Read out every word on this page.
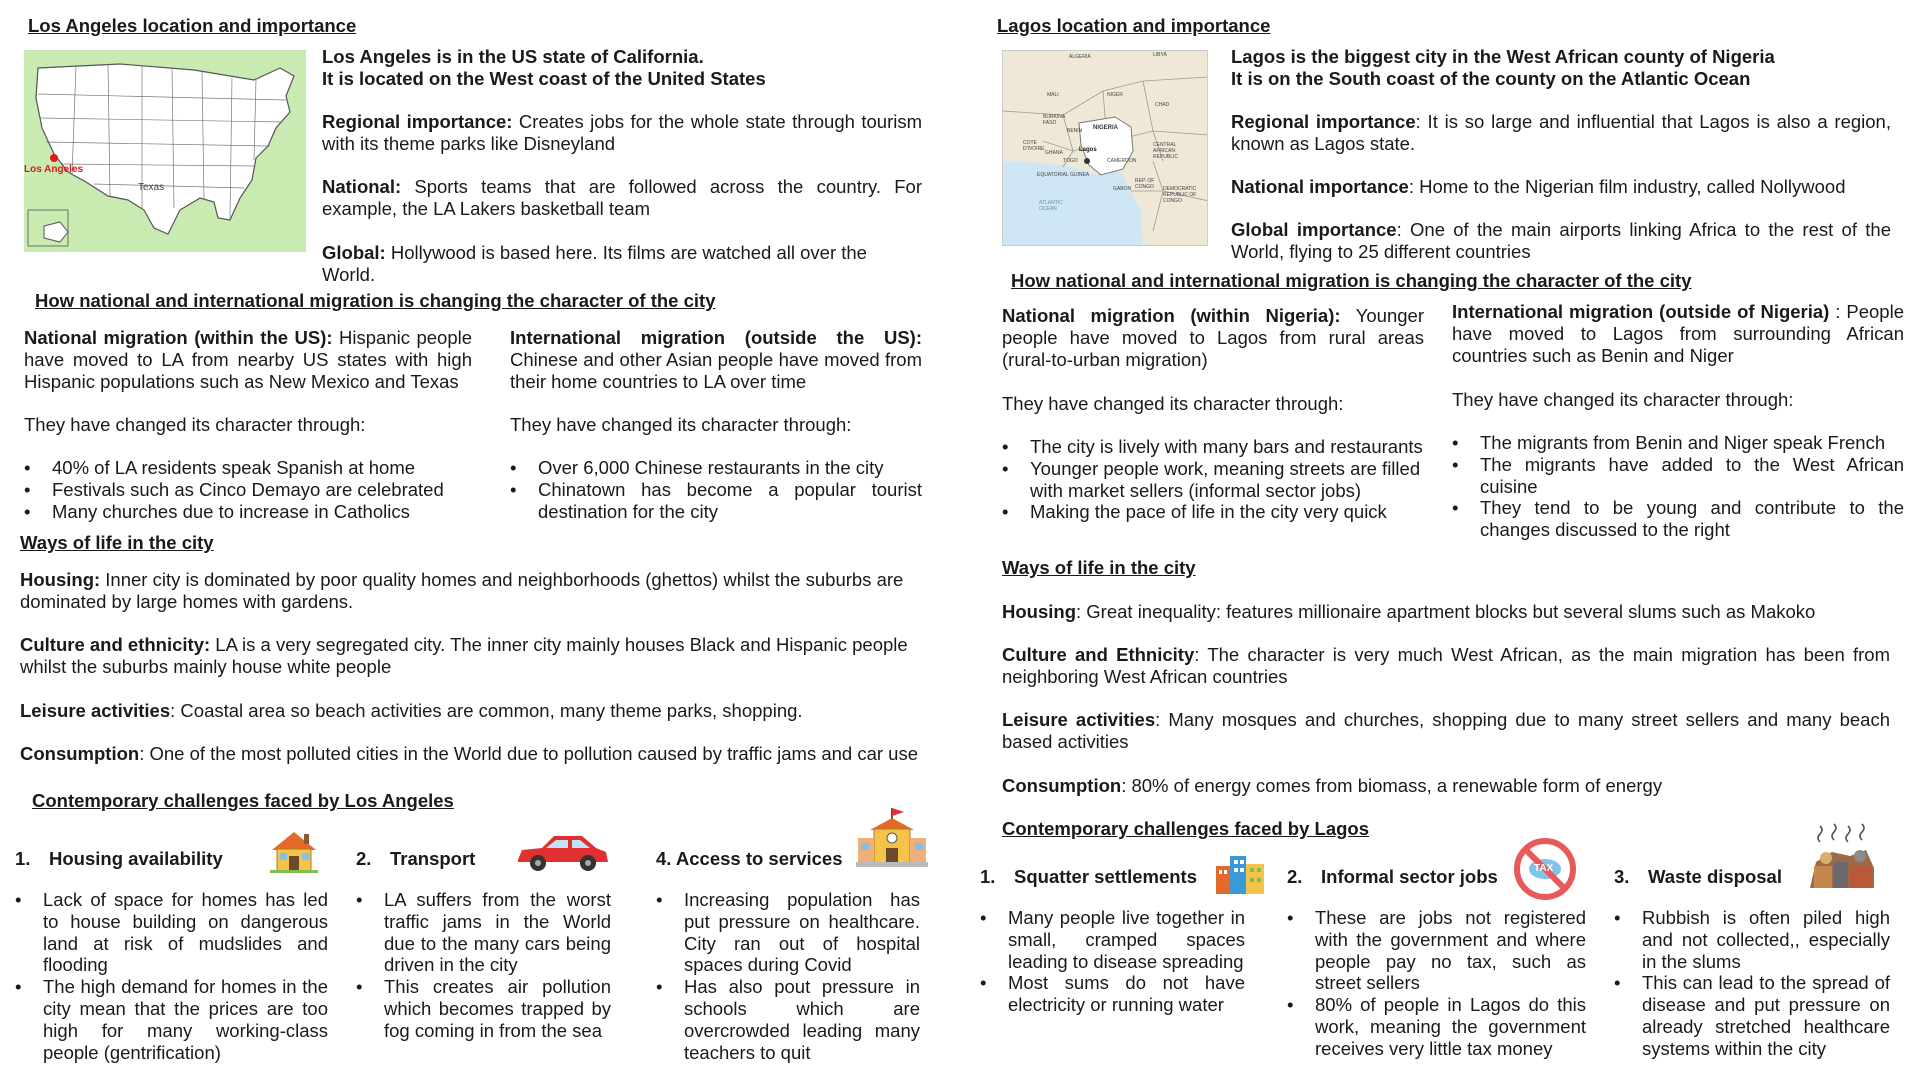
Los Angeles location and importance
Los Angeles
Texas
Los Angeles is in the US state of California.
It is located on the West coast of the United States
Regional importance: Creates jobs for the whole state through tourism with its theme parks like Disneyland
National: Sports teams that are followed across the country. For example, the LA Lakers basketball team
Global: Hollywood is based here. Its films are watched all over the World.
How national and international migration is changing the character of the city
National migration (within the US): Hispanic people have moved to LA from nearby US states with high Hispanic populations such as New Mexico and Texas
They have changed its character through:
• 40% of LA residents speak Spanish at home
• Festivals such as Cinco Demayo are celebrated
• Many churches due to increase in Catholics
International migration (outside the US): Chinese and other Asian people have moved from their home countries to LA over time
They have changed its character through:
• Over 6,000 Chinese restaurants in the city
• Chinatown has become a popular tourist destination for the city
Ways of life in the city
Housing: Inner city is dominated by poor quality homes and neighborhoods (ghettos) whilst the suburbs are dominated by large homes with gardens.
Culture and ethnicity: LA is a very segregated city. The inner city mainly houses Black and Hispanic people whilst the suburbs mainly house white people
Leisure activities: Coastal area so beach activities are common, many theme parks, shopping.
Consumption: One of the most polluted cities in the World due to pollution caused by traffic jams and car use
Contemporary challenges faced by Los Angeles
1. Housing availability
• Lack of space for homes has led to house building on dangerous land at risk of mudslides and flooding
• The high demand for homes in the city mean that the prices are too high for many working-class people (gentrification)
2. Transport
• LA suffers from the worst traffic jams in the World due to the many cars being driven in the city
• This creates air pollution which becomes trapped by fog coming in from the sea
4. Access to services
• Increasing population has put pressure on healthcare. City ran out of hospital spaces during Covid
• Has also pout pressure in schools which are overcrowded leading many teachers to quit
Lagos location and importance
ALGERIA	LIBYA
MALI	NIGER
CHAD
BURKINA FASO
BENIN NIGERIA
COTE D'IVOIRE
GHANA
TOGO
Lagos
CAMEROON
CENTRAL AFRICAN REPUBLIC
EQUATORIAL GUINEA
GABON
REP. OF CONGO	DEMOCRATIC REPUBLIC OF CONGO
ATLANTIC OCEAN
Lagos is the biggest city in the West African county of Nigeria
It is on the South coast of the county on the Atlantic Ocean
Regional importance: It is so large and influential that Lagos is also a region, known as Lagos state.
National importance: Home to the Nigerian film industry, called Nollywood
Global importance: One of the main airports linking Africa to the rest of the World, flying to 25 different countries
How national and international migration is changing the character of the city
National migration (within Nigeria): Younger people have moved to Lagos from rural areas (rural-to-urban migration)
They have changed its character through:
• The city is lively with many bars and restaurants
• Younger people work, meaning streets are filled with market sellers (informal sector jobs)
• Making the pace of life in the city very quick
International migration (outside of Nigeria) : People have moved to Lagos from surrounding African countries such as Benin and Niger
They have changed its character through:
• The migrants from Benin and Niger speak French
• The migrants have added to the West African cuisine
• They tend to be young and contribute to the changes discussed to the right
Ways of life in the city
Housing: Great inequality: features millionaire apartment blocks but several slums such as Makoko
Culture and Ethnicity: The character is very much West African, as the main migration has been from neighboring West African countries
Leisure activities: Many mosques and churches, shopping due to many street sellers and many beach based activities
Consumption: 80% of energy comes from biomass, a renewable form of energy
Contemporary challenges faced by Lagos
1. Squatter settlements
• Many people live together in small, cramped spaces leading to disease spreading
• Most sums do not have electricity or running water
2. Informal sector jobs	TAX
• These are jobs not registered with the government and where people pay no tax, such as street sellers
• 80% of people in Lagos do this work, meaning the government receives very little tax money
3. Waste disposal
• Rubbish is often piled high and not collected,, especially in the slums
• This can lead to the spread of disease and put pressure on already stretched healthcare systems within the city
